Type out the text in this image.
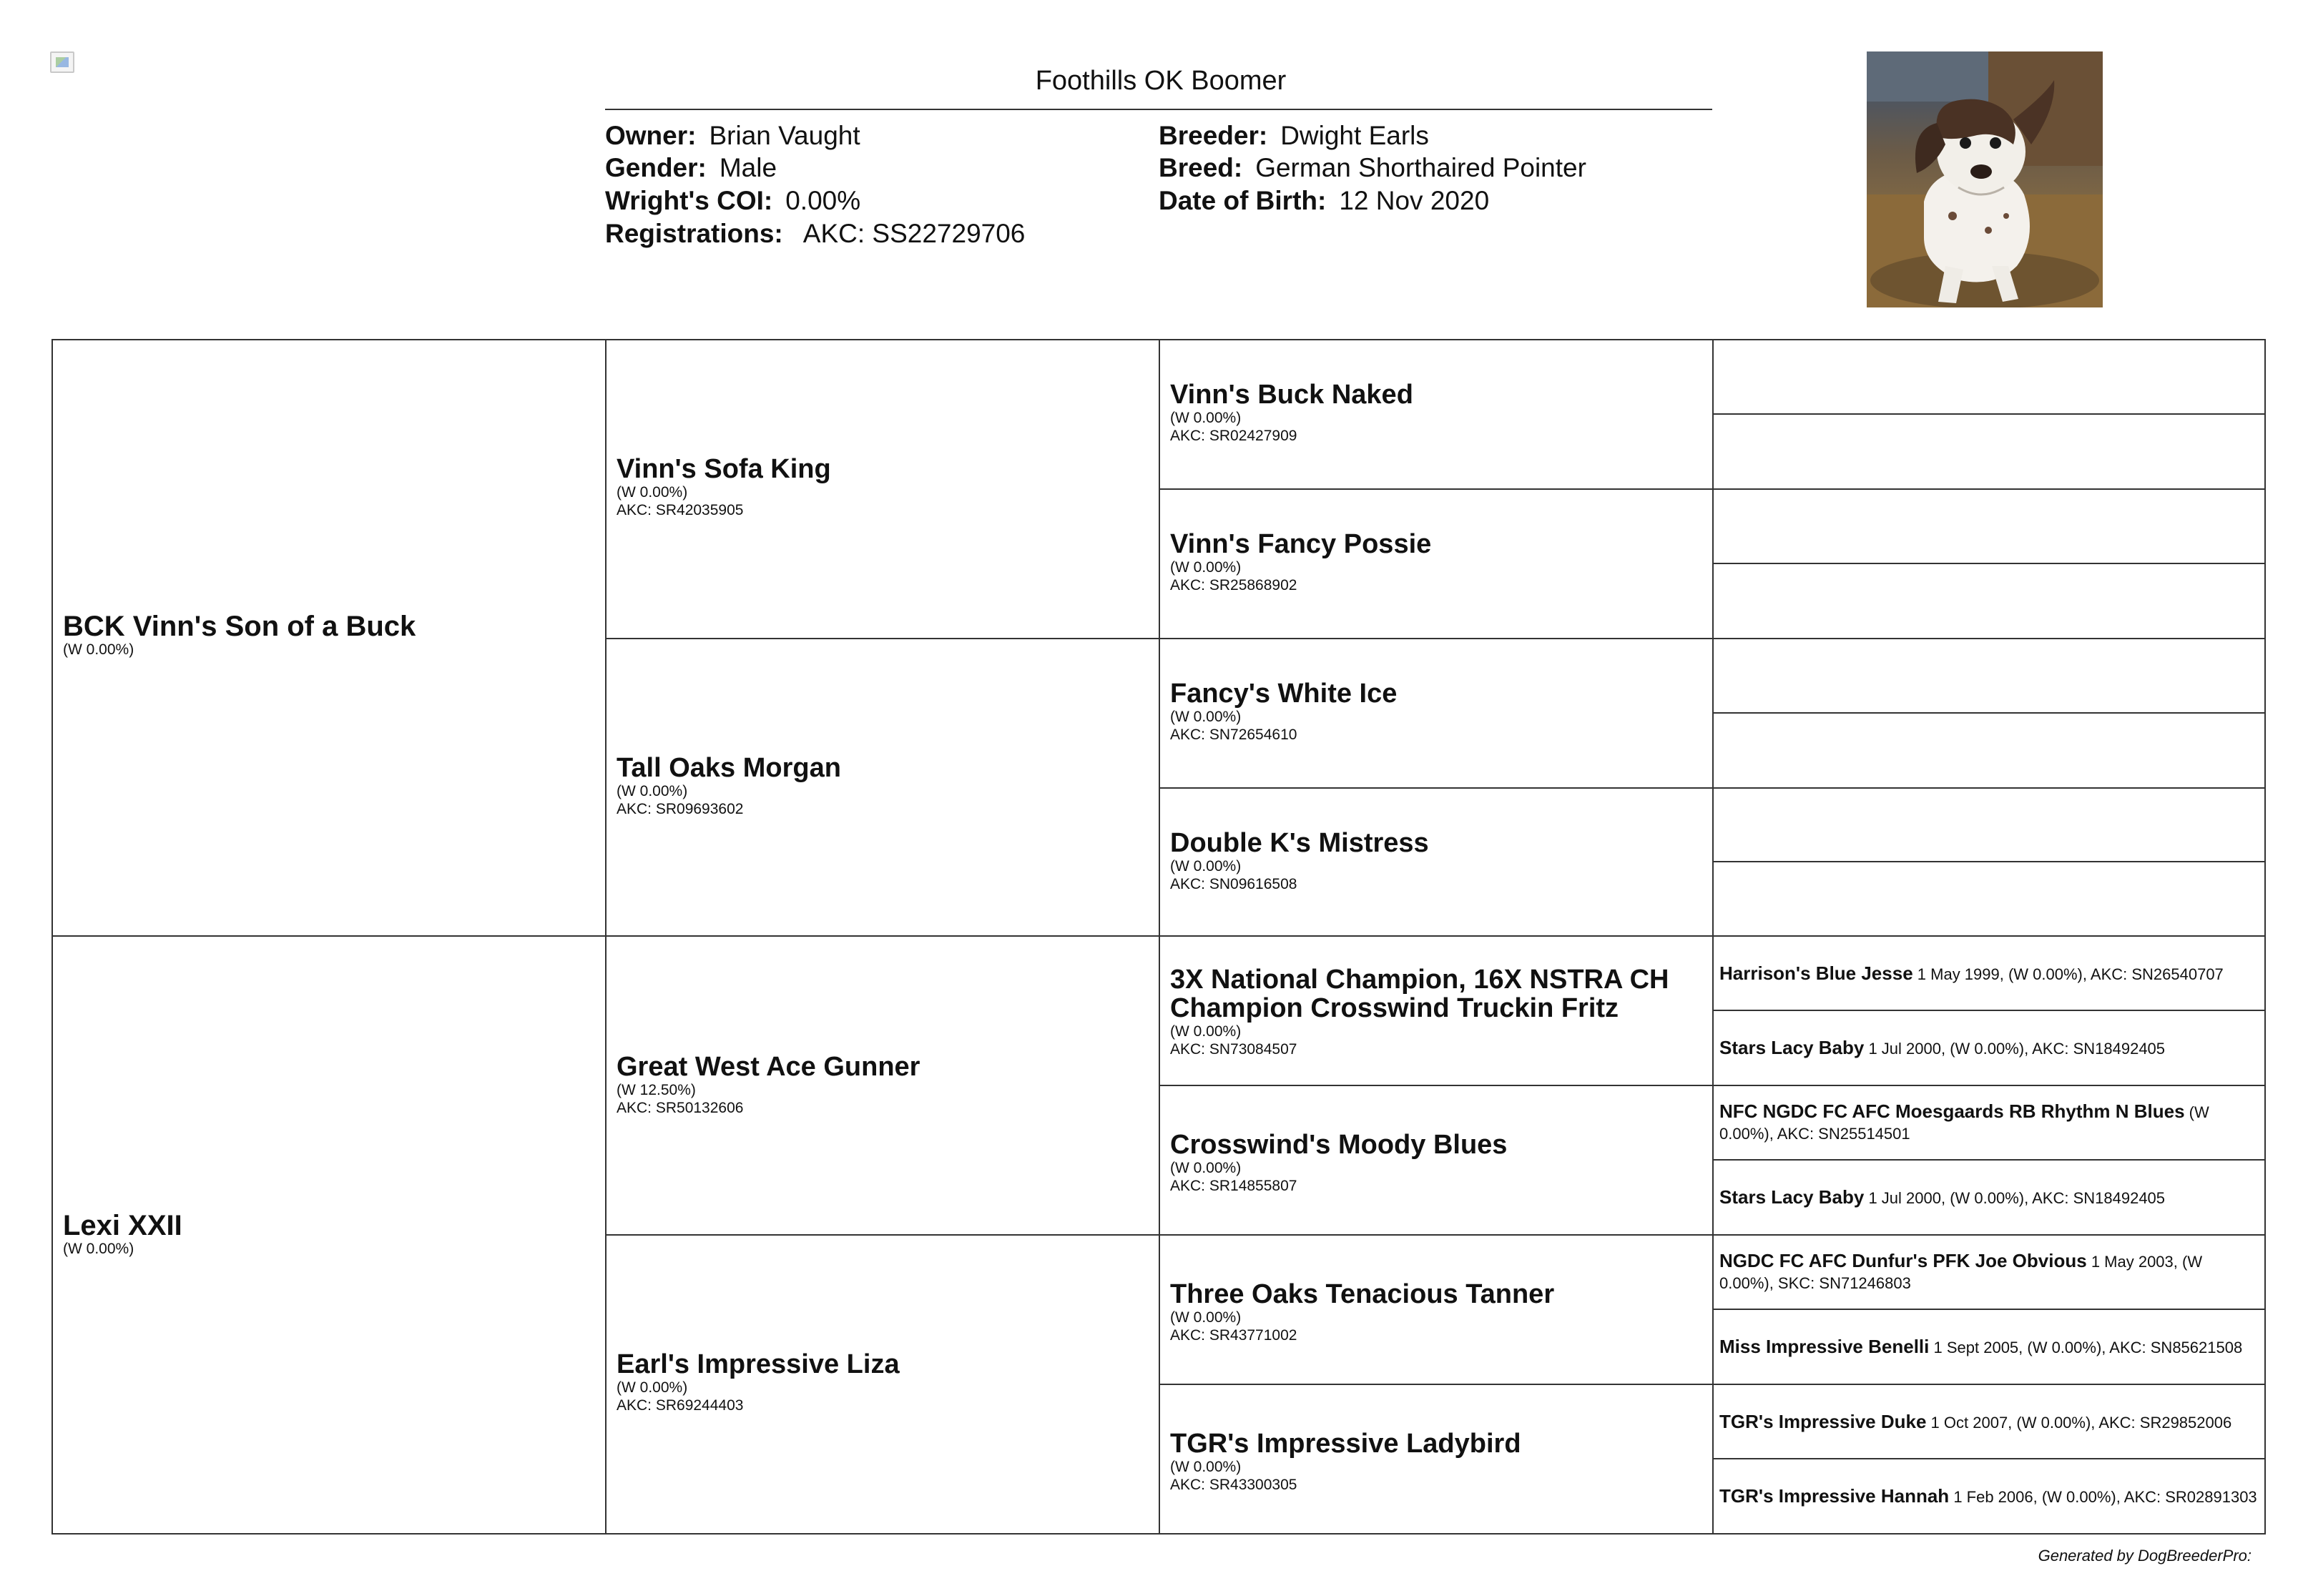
Foothills OK Boomer
Owner: Brian Vaught
Gender: Male
Wright's COI: 0.00%
Registrations: AKC: SS22729706
Breeder: Dwight Earls
Breed: German Shorthaired Pointer
Date of Birth: 12 Nov 2020
BCK Vinn's Son of a Buck
(W 0.00%)
Lexi XXII
(W 0.00%)
Vinn's Sofa King
(W 0.00%)
AKC: SR42035905
Tall Oaks Morgan
(W 0.00%)
AKC: SR09693602
Great West Ace Gunner
(W 12.50%)
AKC: SR50132606
Earl's Impressive Liza
(W 0.00%)
AKC: SR69244403
Vinn's Buck Naked
(W 0.00%)
AKC: SR02427909
Vinn's Fancy Possie
(W 0.00%)
AKC: SR25868902
Fancy's White Ice
(W 0.00%)
AKC: SN72654610
Double K's Mistress
(W 0.00%)
AKC: SN09616508
3X National Champion, 16X NSTRA CH Champion Crosswind Truckin Fritz
(W 0.00%)
AKC: SN73084507
Crosswind's Moody Blues
(W 0.00%)
AKC: SR14855807
Three Oaks Tenacious Tanner
(W 0.00%)
AKC: SR43771002
TGR's Impressive Ladybird
(W 0.00%)
AKC: SR43300305
Harrison's Blue Jesse 1 May 1999, (W 0.00%), AKC: SN26540707
Stars Lacy Baby 1 Jul 2000, (W 0.00%), AKC: SN18492405
NFC NGDC FC AFC Moesgaards RB Rhythm N Blues (W 0.00%), AKC: SN25514501
Stars Lacy Baby 1 Jul 2000, (W 0.00%), AKC: SN18492405
NGDC FC AFC Dunfur's PFK Joe Obvious 1 May 2003, (W 0.00%), SKC: SN71246803
Miss Impressive Benelli 1 Sept 2005, (W 0.00%), AKC: SN85621508
TGR's Impressive Duke 1 Oct 2007, (W 0.00%), AKC: SR29852006
TGR's Impressive Hannah 1 Feb 2006, (W 0.00%), AKC: SR02891303
Generated by DogBreederPro:
